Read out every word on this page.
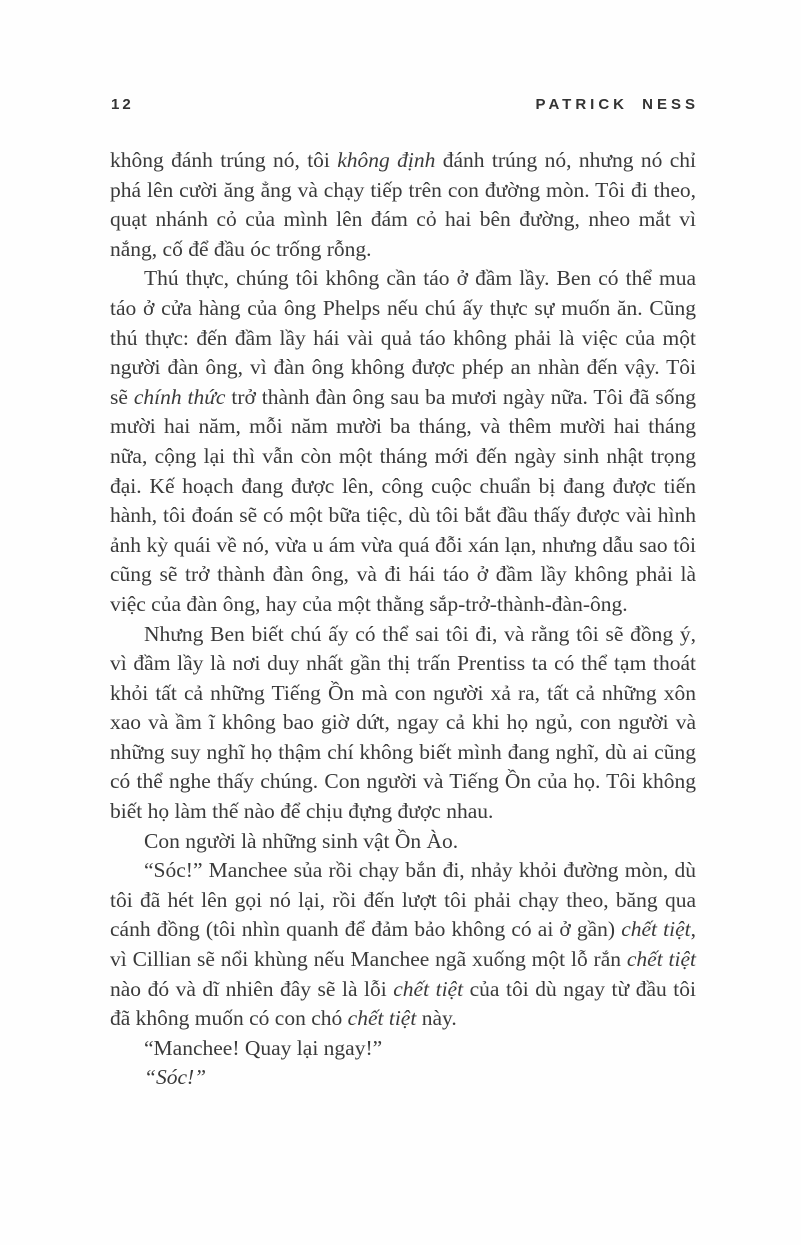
12	PATRICK NESS

không đánh trúng nó, tôi không định đánh trúng nó, nhưng nó chỉ phá lên cười ăng ẳng và chạy tiếp trên con đường mòn. Tôi đi theo, quạt nhánh cỏ của mình lên đám cỏ hai bên đường, nheo mắt vì nắng, cố để đầu óc trống rỗng.

Thú thực, chúng tôi không cần táo ở đầm lầy. Ben có thể mua táo ở cửa hàng của ông Phelps nếu chú ấy thực sự muốn ăn. Cũng thú thực: đến đầm lầy hái vài quả táo không phải là việc của một người đàn ông, vì đàn ông không được phép an nhàn đến vậy. Tôi sẽ chính thức trở thành đàn ông sau ba mươi ngày nữa. Tôi đã sống mười hai năm, mỗi năm mười ba tháng, và thêm mười hai tháng nữa, cộng lại thì vẫn còn một tháng mới đến ngày sinh nhật trọng đại. Kế hoạch đang được lên, công cuộc chuẩn bị đang được tiến hành, tôi đoán sẽ có một bữa tiệc, dù tôi bắt đầu thấy được vài hình ảnh kỳ quái về nó, vừa u ám vừa quá đỗi xán lạn, nhưng dẫu sao tôi cũng sẽ trở thành đàn ông, và đi hái táo ở đầm lầy không phải là việc của đàn ông, hay của một thằng sắp-trở-thành-đàn-ông.

Nhưng Ben biết chú ấy có thể sai tôi đi, và rằng tôi sẽ đồng ý, vì đầm lầy là nơi duy nhất gần thị trấn Prentiss ta có thể tạm thoát khỏi tất cả những Tiếng Ồn mà con người xả ra, tất cả những xôn xao và ầm ĩ không bao giờ dứt, ngay cả khi họ ngủ, con người và những suy nghĩ họ thậm chí không biết mình đang nghĩ, dù ai cũng có thể nghe thấy chúng. Con người và Tiếng Ồn của họ. Tôi không biết họ làm thế nào để chịu đựng được nhau.

Con người là những sinh vật Ồn Ào.

“Sóc!” Manchee sủa rồi chạy bắn đi, nhảy khỏi đường mòn, dù tôi đã hét lên gọi nó lại, rồi đến lượt tôi phải chạy theo, băng qua cánh đồng (tôi nhìn quanh để đảm bảo không có ai ở gần) chết tiệt, vì Cillian sẽ nổi khùng nếu Manchee ngã xuống một lỗ rắn chết tiệt nào đó và dĩ nhiên đây sẽ là lỗi chết tiệt của tôi dù ngay từ đầu tôi đã không muốn có con chó chết tiệt này.

“Manchee! Quay lại ngay!”

“Sóc!”
